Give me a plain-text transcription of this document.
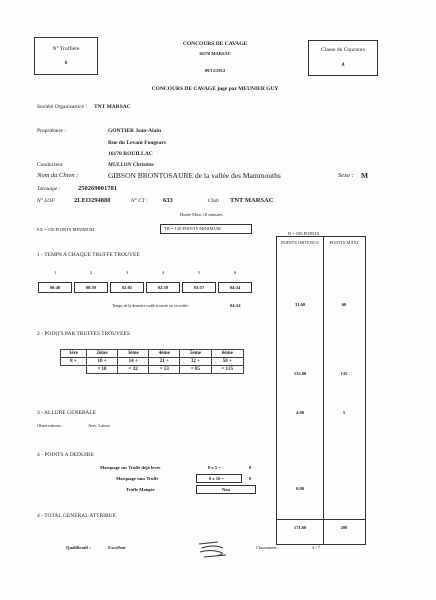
N° Truffière
6
CONCOURS DE CAVAGE
16570 MARSAC
09/12/2012
Classe du Concours
A
CONCOURS DE CAVAGE jugé par MEUNIER GUY
Société Organisatrice : TNT MARSAC
Propriétaire :	GONTIER Jean-Alain
Rue du Levant Fougears
16170 ROUILLAC
Conducteur	MULLON Christine
Nom du Chien :	GIBSON BRONTOSAURE de la vallée des Mammouths	Sexe : M
Tatouage :	250269801781
N° LOF	2LEO294880	N° CT : 633	Club TNT MARSAC
Durée Maxi 10 minutes
EX = 150 POINTS MINIMUM	TB = 120 POINTS MINIMUM
B = 100 POINTS
POINTS OBTENUS	POINTS MAXI
1 - TEMPS A CHAQUE TRUFFE TROUVEE
1	2	3	4	5	6
00:40	00:59	02:05	02:59	03:57	04:34
Temps de la dernière truffe trouvée ou recordée :	04:34	31.60	60
2 - POINTS PAR TRUFFES TROUVEES
1ère	2ème	3ème	4ème	5ème	6ème
8 +	10 +	14 +	21 +	32 +	50 +
	= 18	= 32	= 53	= 85	= 135
135.00	135
3 - ALLURE GENERALE
Observations :	Avec Laisse
4.00	5
4 - POINTS A DEDUIRE
Marquage sur Truffe déjà levée	0 x 5 =	0
Marquage sans Truffe	0 x 10 =	0
Truffe Mangée	Non	0.00
4 - TOTAL GENERAL ATTRIBUE
171.60	200
Qualificatif :	Excellent	Classement :	4 / 7
